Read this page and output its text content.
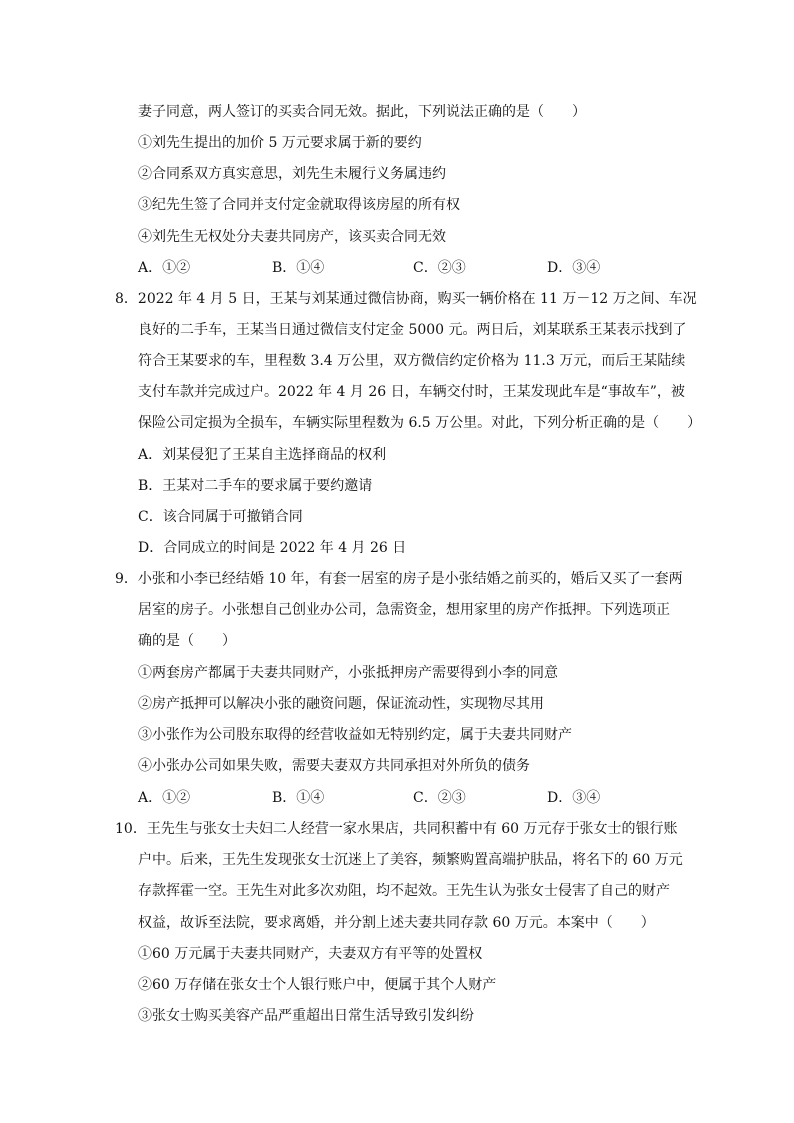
妻子同意，两人签订的买卖合同无效。据此，下列说法正确的是（　　）
①刘先生提出的加价 5 万元要求属于新的要约
②合同系双方真实意思，刘先生未履行义务属违约
③纪先生签了合同并支付定金就取得该房屋的所有权
④刘先生无权处分夫妻共同房产，该买卖合同无效
A．①②	B．①④	C．②③	D．③④
8．2022 年 4 月 5 日，王某与刘某通过微信协商，购买一辆价格在 11 万－12 万之间、车况
良好的二手车，王某当日通过微信支付定金 5000 元。两日后，刘某联系王某表示找到了
符合王某要求的车，里程数 3.4 万公里，双方微信约定价格为 11.3 万元，而后王某陆续
支付车款并完成过户。2022 年 4 月 26 日，车辆交付时，王某发现此车是“事故车”，被
保险公司定损为全损车，车辆实际里程数为 6.5 万公里。对此，下列分析正确的是（　　）
A．刘某侵犯了王某自主选择商品的权利
B．王某对二手车的要求属于要约邀请
C．该合同属于可撤销合同
D．合同成立的时间是 2022 年 4 月 26 日
9．小张和小李已经结婚 10 年，有套一居室的房子是小张结婚之前买的，婚后又买了一套两
居室的房子。小张想自己创业办公司，急需资金，想用家里的房产作抵押。下列选项正
确的是（　　）
①两套房产都属于夫妻共同财产，小张抵押房产需要得到小李的同意
②房产抵押可以解决小张的融资问题，保证流动性，实现物尽其用
③小张作为公司股东取得的经营收益如无特别约定，属于夫妻共同财产
④小张办公司如果失败，需要夫妻双方共同承担对外所负的债务
A．①②	B．①④	C．②③	D．③④
10．王先生与张女士夫妇二人经营一家水果店，共同积蓄中有 60 万元存于张女士的银行账
户中。后来，王先生发现张女士沉迷上了美容，频繁购置高端护肤品，将名下的 60 万元
存款挥霍一空。王先生对此多次劝阻，均不起效。王先生认为张女士侵害了自己的财产
权益，故诉至法院，要求离婚，并分割上述夫妻共同存款 60 万元。本案中（　　）
①60 万元属于夫妻共同财产，夫妻双方有平等的处置权
②60 万存储在张女士个人银行账户中，便属于其个人财产
③张女士购买美容产品严重超出日常生活导致引发纠纷
